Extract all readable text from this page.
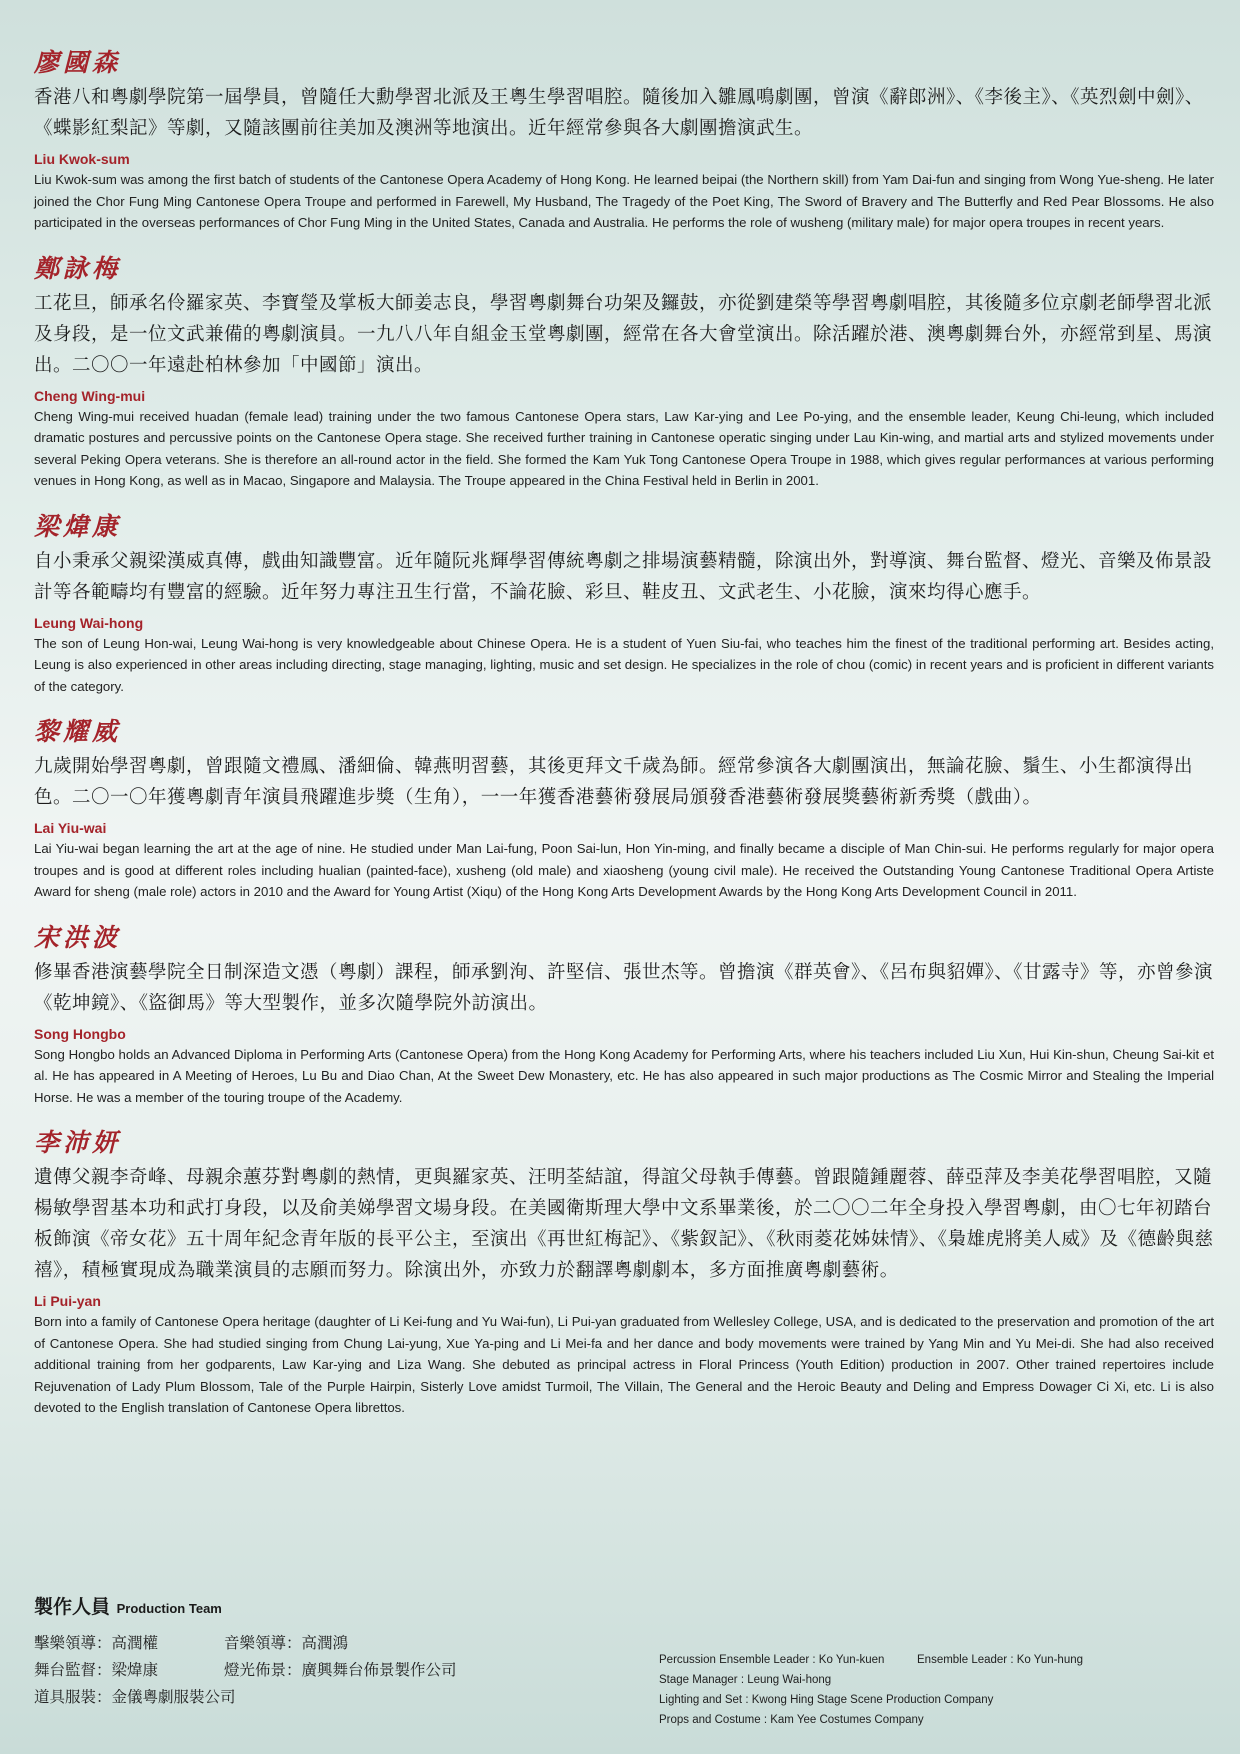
廖國森

香港八和粵劇學院第一屆學員，曾隨任大勳學習北派及王粵生學習唱腔。隨後加入雛鳳鳴劇團，曾演《辭郎洲》、《李後主》、《英烈劍中劍》、《蝶影紅梨記》等劇，又隨該團前往美加及澳洲等地演出。近年經常參與各大劇團擔演武生。

Liu Kwok-sum

Liu Kwok-sum was among the first batch of students of the Cantonese Opera Academy of Hong Kong. He learned beipai (the Northern skill) from Yam Dai-fun and singing from Wong Yue-sheng. He later joined the Chor Fung Ming Cantonese Opera Troupe and performed in Farewell, My Husband, The Tragedy of the Poet King, The Sword of Bravery and The Butterfly and Red Pear Blossoms. He also participated in the overseas performances of Chor Fung Ming in the United States, Canada and Australia. He performs the role of wusheng (military male) for major opera troupes in recent years.

鄭詠梅

工花旦，師承名伶羅家英、李寶瑩及掌板大師姜志良，學習粵劇舞台功架及鑼鼓，亦從劉建榮等學習粵劇唱腔，其後隨多位京劇老師學習北派及身段，是一位文武兼備的粵劇演員。一九八八年自組金玉堂粵劇團，經常在各大會堂演出。除活躍於港、澳粵劇舞台外，亦經常到星、馬演出。二〇〇一年遠赴柏林參加「中國節」演出。

Cheng Wing-mui

Cheng Wing-mui received huadan (female lead) training under the two famous Cantonese Opera stars, Law Kar-ying and Lee Po-ying, and the ensemble leader, Keung Chi-leung, which included dramatic postures and percussive points on the Cantonese Opera stage. She received further training in Cantonese operatic singing under Lau Kin-wing, and martial arts and stylized movements under several Peking Opera veterans. She is therefore an all-round actor in the field. She formed the Kam Yuk Tong Cantonese Opera Troupe in 1988, which gives regular performances at various performing venues in Hong Kong, as well as in Macao, Singapore and Malaysia. The Troupe appeared in the China Festival held in Berlin in 2001.

梁煒康

自小秉承父親梁漢威真傳，戲曲知識豐富。近年隨阮兆輝學習傳統粵劇之排場演藝精髓，除演出外，對導演、舞台監督、燈光、音樂及佈景設計等各範疇均有豐富的經驗。近年努力專注丑生行當，不論花臉、彩旦、鞋皮丑、文武老生、小花臉，演來均得心應手。

Leung Wai-hong

The son of Leung Hon-wai, Leung Wai-hong is very knowledgeable about Chinese Opera. He is a student of Yuen Siu-fai, who teaches him the finest of the traditional performing art. Besides acting, Leung is also experienced in other areas including directing, stage managing, lighting, music and set design. He specializes in the role of chou (comic) in recent years and is proficient in different variants of the category.

黎耀威

九歲開始學習粵劇，曾跟隨文禮鳳、潘細倫、韓燕明習藝，其後更拜文千歲為師。經常參演各大劇團演出，無論花臉、鬚生、小生都演得出色。二〇一〇年獲粵劇青年演員飛躍進步獎（生角），一一年獲香港藝術發展局頒發香港藝術發展獎藝術新秀獎（戲曲）。

Lai Yiu-wai

Lai Yiu-wai began learning the art at the age of nine. He studied under Man Lai-fung, Poon Sai-lun, Hon Yin-ming, and finally became a disciple of Man Chin-sui. He performs regularly for major opera troupes and is good at different roles including hualian (painted-face), xusheng (old male) and xiaosheng (young civil male). He received the Outstanding Young Cantonese Traditional Opera Artiste Award for sheng (male role) actors in 2010 and the Award for Young Artist (Xiqu) of the Hong Kong Arts Development Awards by the Hong Kong Arts Development Council in 2011.

宋洪波

修畢香港演藝學院全日制深造文憑（粵劇）課程，師承劉洵、許堅信、張世杰等。曾擔演《群英會》、《呂布與貂嬋》、《甘露寺》等，亦曾參演《乾坤鏡》、《盜御馬》等大型製作，並多次隨學院外訪演出。

Song Hongbo

Song Hongbo holds an Advanced Diploma in Performing Arts (Cantonese Opera) from the Hong Kong Academy for Performing Arts, where his teachers included Liu Xun, Hui Kin-shun, Cheung Sai-kit et al. He has appeared in A Meeting of Heroes, Lu Bu and Diao Chan, At the Sweet Dew Monastery, etc. He has also appeared in such major productions as The Cosmic Mirror and Stealing the Imperial Horse. He was a member of the touring troupe of the Academy.

李沛妍

遺傳父親李奇峰、母親余蕙芬對粵劇的熱情，更與羅家英、汪明荃結誼，得誼父母執手傳藝。曾跟隨鍾麗蓉、薛亞萍及李美花學習唱腔，又隨楊敏學習基本功和武打身段，以及俞美娣學習文場身段。在美國衛斯理大學中文系畢業後，於二〇〇二年全身投入學習粵劇，由〇七年初踏台板飾演《帝女花》五十周年紀念青年版的長平公主，至演出《再世紅梅記》、《紫釵記》、《秋雨菱花姊妹情》、《梟雄虎將美人威》及《德齡與慈禧》，積極實現成為職業演員的志願而努力。除演出外，亦致力於翻譯粵劇劇本，多方面推廣粵劇藝術。

Li Pui-yan

Born into a family of Cantonese Opera heritage (daughter of Li Kei-fung and Yu Wai-fun), Li Pui-yan graduated from Wellesley College, USA, and is dedicated to the preservation and promotion of the art of Cantonese Opera. She had studied singing from Chung Lai-yung, Xue Ya-ping and Li Mei-fa and her dance and body movements were trained by Yang Min and Yu Mei-di. She had also received additional training from her godparents, Law Kar-ying and Liza Wang. She debuted as principal actress in Floral Princess (Youth Edition) production in 2007. Other trained repertoires include Rejuvenation of Lady Plum Blossom, Tale of the Purple Hairpin, Sisterly Love amidst Turmoil, The Villain, The General and the Heroic Beauty and Deling and Empress Dowager Ci Xi, etc. Li is also devoted to the English translation of Cantonese Opera librettos.

製作人員 Production Team
擊樂領導：高潤權	音樂領導：高潤鴻
舞台監督：梁煒康	燈光佈景：廣興舞台佈景製作公司
道具服裝：金儀粵劇服裝公司
Percussion Ensemble Leader : Ko Yun-kuen	Ensemble Leader : Ko Yun-hung
Stage Manager : Leung Wai-hong
Lighting and Set : Kwong Hing Stage Scene Production Company
Props and Costume : Kam Yee Costumes Company
